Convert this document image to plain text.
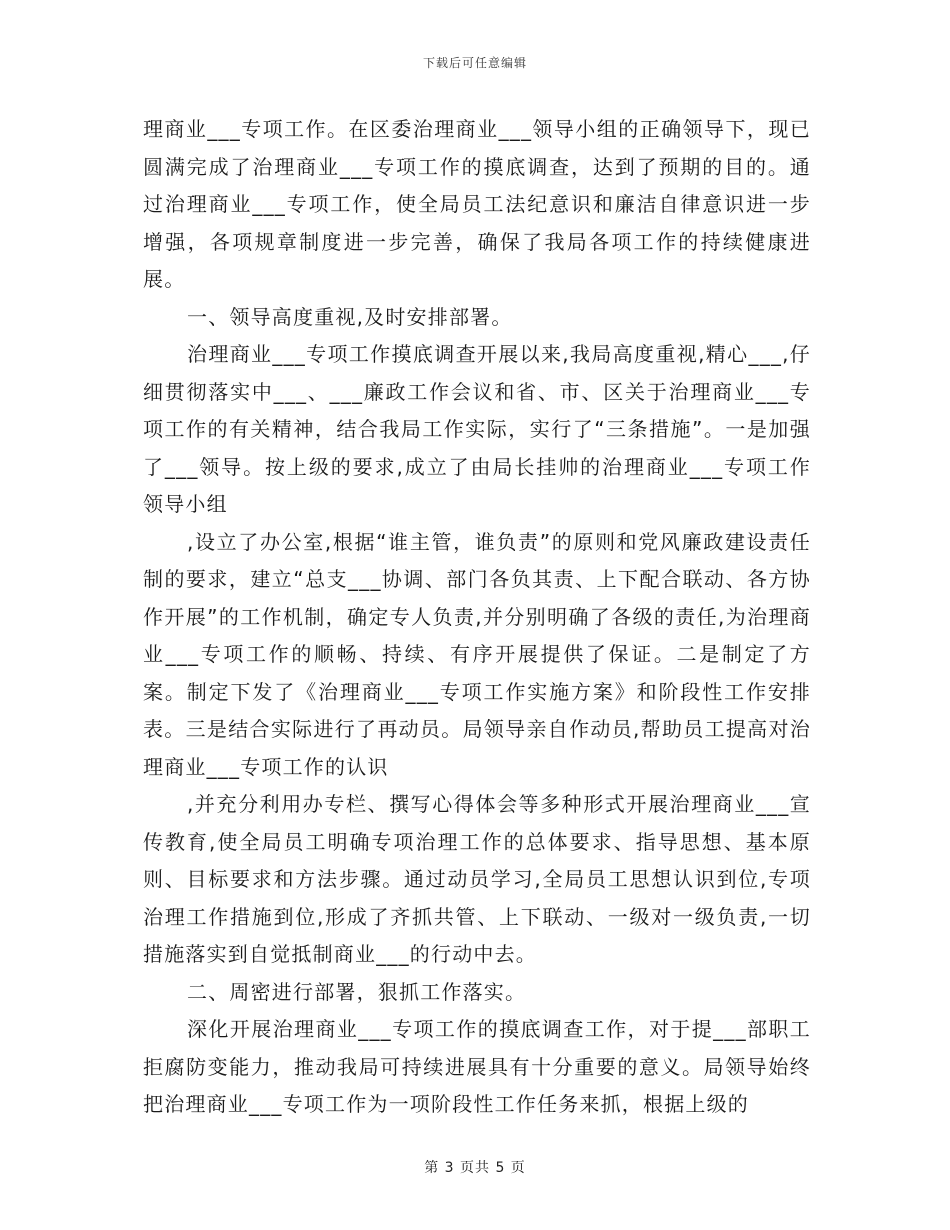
下载后可任意编辑

理商业___专项工作。在区委治理商业___领导小组的正确领导下，现已圆满完成了治理商业___专项工作的摸底调查，达到了预期的目的。通过治理商业___专项工作，使全局员工法纪意识和廉洁自律意识进一步增强，各项规章制度进一步完善，确保了我局各项工作的持续健康进展。

一、领导高度重视,及时安排部署。

治理商业___专项工作摸底调查开展以来,我局高度重视,精心___,仔细贯彻落实中___、___廉政工作会议和省、市、区关于治理商业___专项工作的有关精神，结合我局工作实际，实行了“三条措施”。一是加强了___领导。按上级的要求,成立了由局长挂帅的治理商业___专项工作领导小组

,设立了办公室,根据“谁主管，谁负责”的原则和党风廉政建设责任制的要求，建立“总支___协调、部门各负其责、上下配合联动、各方协作开展”的工作机制，确定专人负责,并分别明确了各级的责任,为治理商业___专项工作的顺畅、持续、有序开展提供了保证。二是制定了方案。制定下发了《治理商业___专项工作实施方案》和阶段性工作安排表。三是结合实际进行了再动员。局领导亲自作动员,帮助员工提高对治理商业___专项工作的认识

,并充分利用办专栏、撰写心得体会等多种形式开展治理商业___宣传教育,使全局员工明确专项治理工作的总体要求、指导思想、基本原则、目标要求和方法步骤。通过动员学习,全局员工思想认识到位,专项治理工作措施到位,形成了齐抓共管、上下联动、一级对一级负责,一切措施落实到自觉抵制商业___的行动中去。

二、周密进行部署，狠抓工作落实。

深化开展治理商业___专项工作的摸底调查工作，对于提___部职工拒腐防变能力，推动我局可持续进展具有十分重要的意义。局领导始终把治理商业___专项工作为一项阶段性工作任务来抓，根据上级的

第 3 页共 5 页
